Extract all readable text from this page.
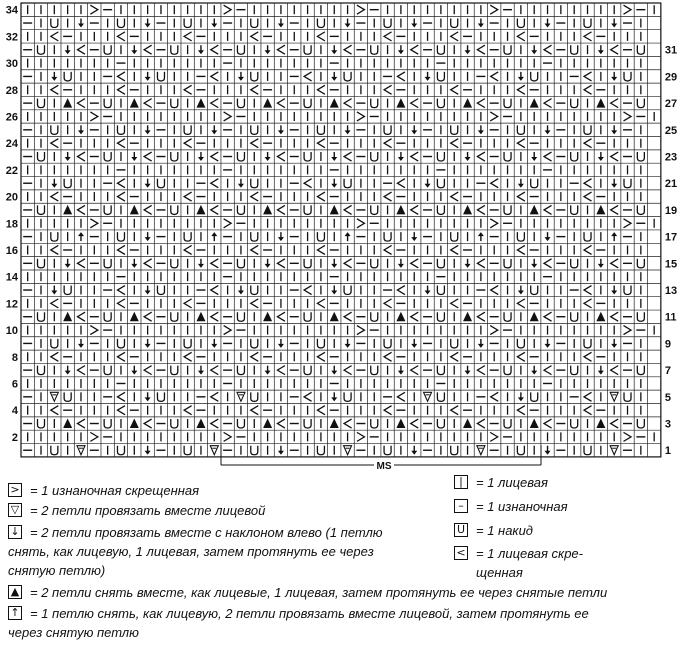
2
4
6
8
10
12
14
16
18
20
22
24
26
28
30
32
34
1
3
5
7
9
11
13
15
17
19
21
23
25
27
29
31
MS
> = 1 изнаночная скрещенная
▽ = 2 петли провязать вместе лицевой
↓ = 2 петли провязать вместе с наклоном влево (1 петлю
снять, как лицевую, 1 лицевая, затем протянуть ее через
снятую петлю)
▲ = 2 петли снять вместе, как лицевые, 1 лицевая, затем протянуть ее через снятые петли
↑ = 1 петлю снять, как лицевую, 2 петли провязать вместе лицевой, затем протянуть ее
через снятую петлю
|	= 1 лицевая
– = 1 изнаночная
U = 1 накид
< = 1 лицевая скре-
щенная
